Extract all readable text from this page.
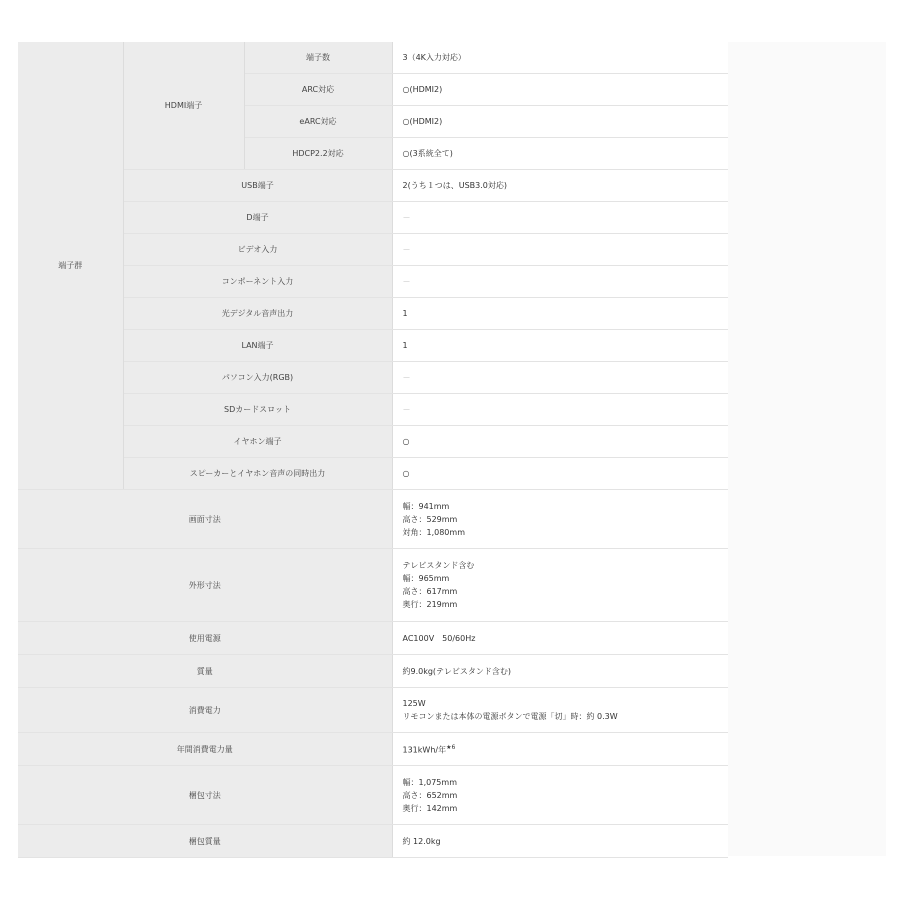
端子群	HDMI端子	端子数	3（4K入力対応）
		ARC対応	○(HDMI2)
		eARC対応	○(HDMI2)
		HDCP2.2対応	○(3系統全て)
	USB端子		2(うち１つは、USB3.0対応)
	D端子		－
	ビデオ入力		－
	コンポーネント入力		－
	光デジタル音声出力		1
	LAN端子		1
	パソコン入力(RGB)		－
	SDカードスロット		－
	イヤホン端子		○
	スピーカーとイヤホン音声の同時出力		○
画面寸法			幅：941mm
高さ：529mm
対角：1,080mm

外形寸法			テレビスタンド含む
幅：965mm
高さ：617mm
奥行：219mm

使用電源			AC100V　50/60Hz
質量			約9.0kg(テレビスタンド含む)
消費電力			125W
リモコンまたは本体の電源ボタンで電源「切」時：約 0.3W

年間消費電力量			131kWh/年$^{★6}$
梱包寸法			幅：1,075mm
高さ：652mm
奥行：142mm

梱包質量			約 12.0kg
